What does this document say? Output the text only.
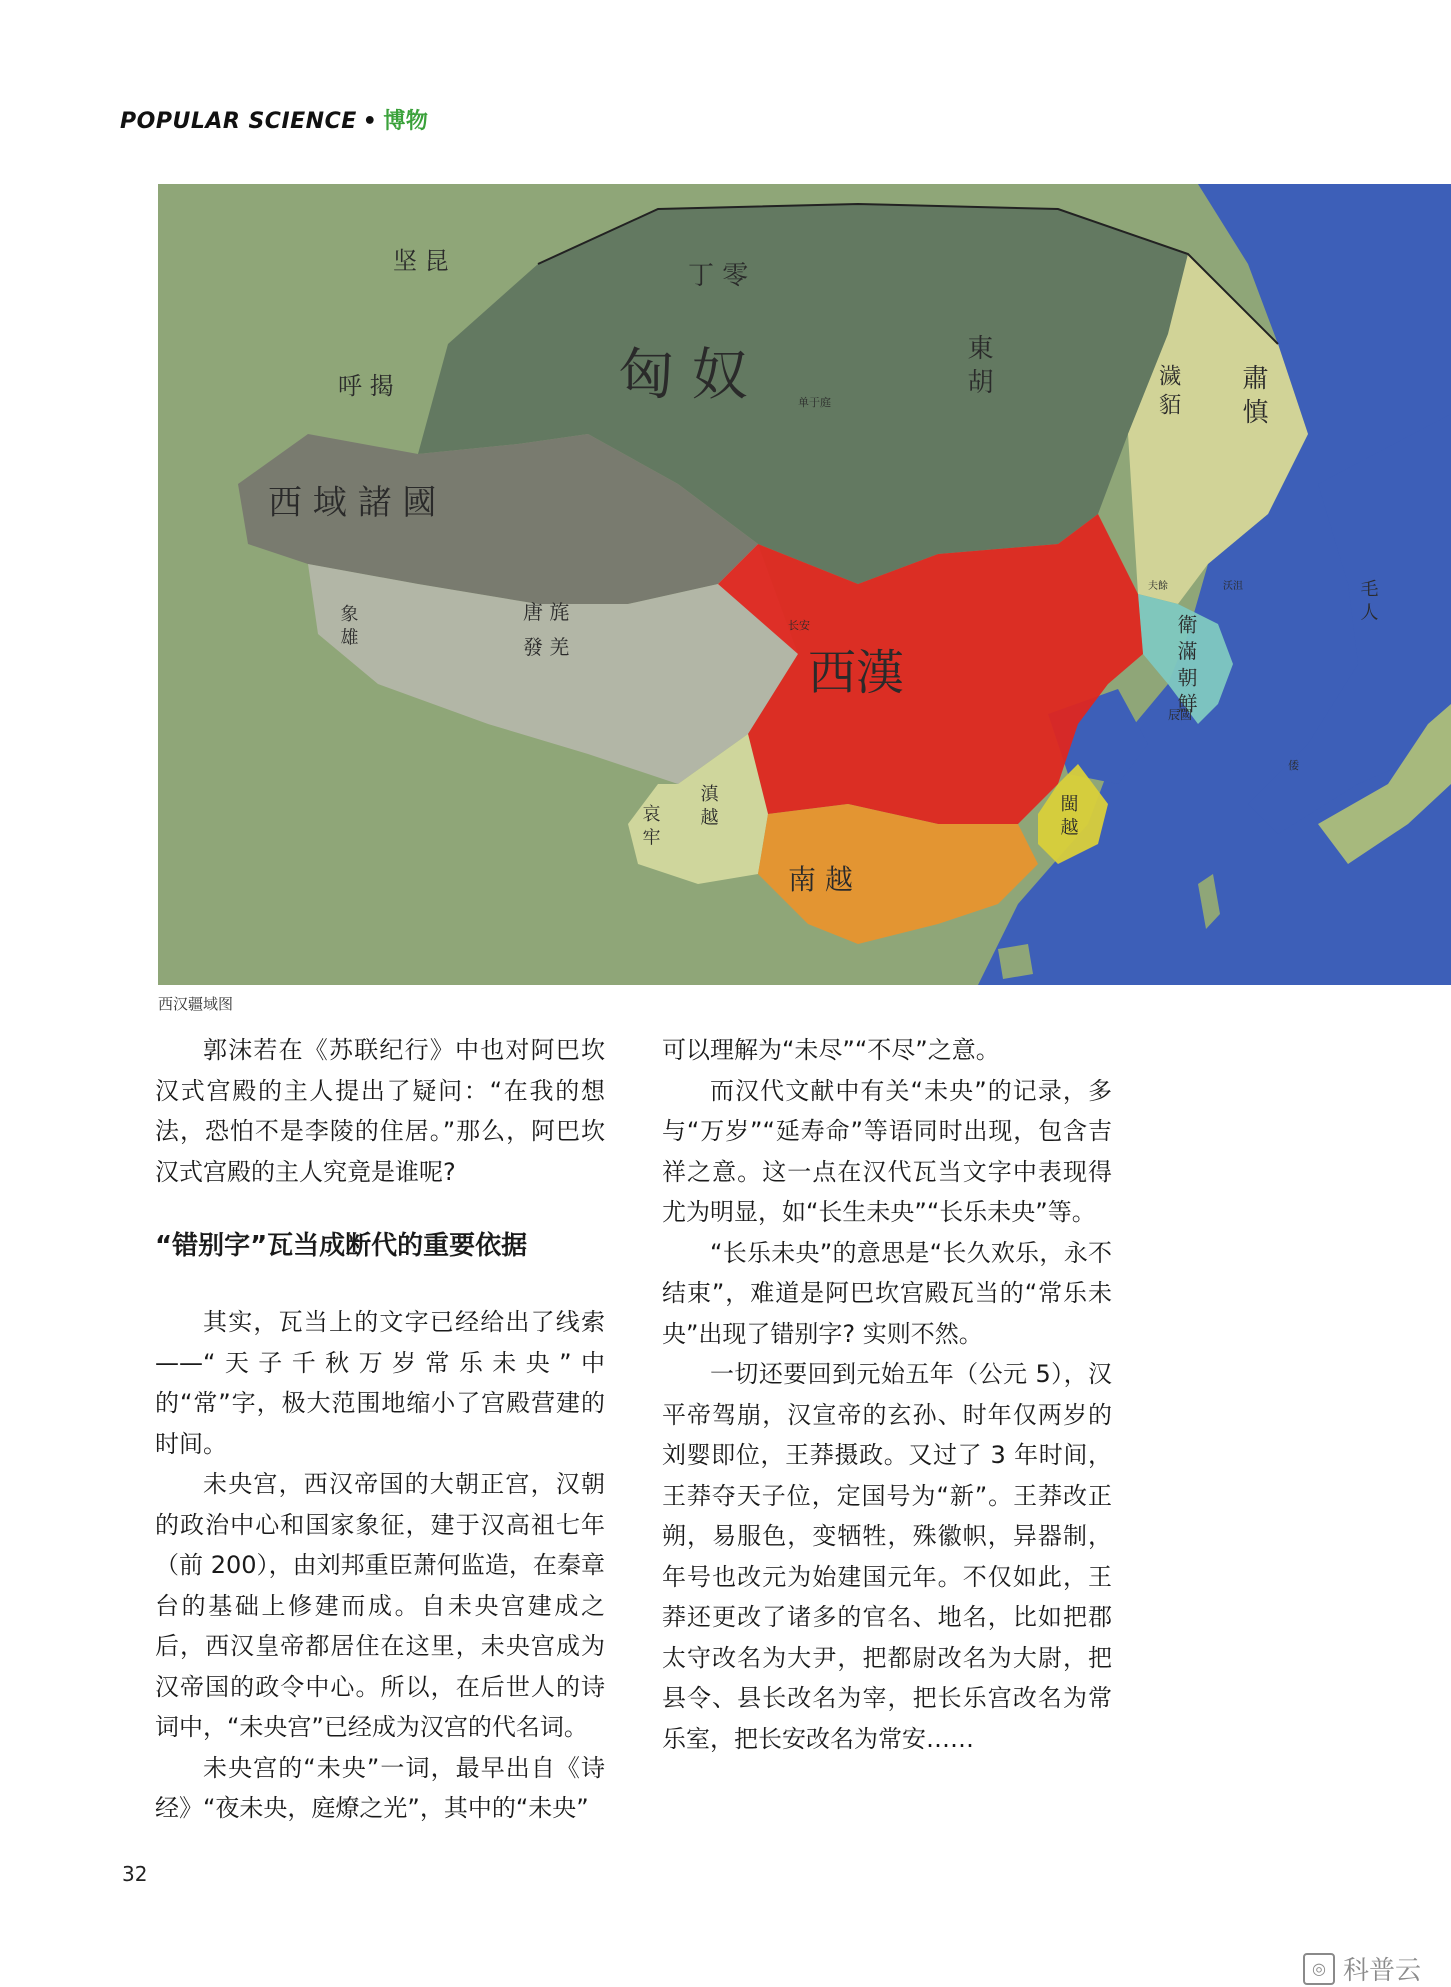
POPULAR SCIENCE • 博物
匈 奴
坚 昆	丁 零
東 胡
呼 揭
单于庭
西 域 諸 國
西漢
长安
濊 貊 肅 慎
衛 滿 朝 鮮
夫餘	沃沮
辰國
毛 人
倭
象 雄	唐 旄
發 羌
哀 牢 滇 越
南 越
閩 越
西汉疆域图

郭沫若在《苏联纪行》中也对阿巴坎汉式宫殿的主人提出了疑问：“在我的想法，恐怕不是李陵的住居。”那么，阿巴坎汉式宫殿的主人究竟是谁呢?

“错别字”瓦当成断代的重要依据

其实，瓦当上的文字已经给出了线索——“天子千秋万岁常乐未央”中的“常”字，极大范围地缩小了宫殿营建的时间。

未央宫，西汉帝国的大朝正宫，汉朝的政治中心和国家象征，建于汉高祖七年（前 200），由刘邦重臣萧何监造，在秦章台的基础上修建而成。自未央宫建成之后，西汉皇帝都居住在这里，未央宫成为汉帝国的政令中心。所以，在后世人的诗词中，“未央宫”已经成为汉宫的代名词。

未央宫的“未央”一词，最早出自《诗经》“夜未央，庭燎之光”，其中的“未央”

可以理解为“未尽”“不尽”之意。

而汉代文献中有关“未央”的记录，多与“万岁”“延寿命”等语同时出现，包含吉祥之意。这一点在汉代瓦当文字中表现得尤为明显，如“长生未央”“长乐未央”等。

“长乐未央”的意思是“长久欢乐，永不结束”，难道是阿巴坎宫殿瓦当的“常乐未央”出现了错别字? 实则不然。

一切还要回到元始五年（公元 5），汉平帝驾崩，汉宣帝的玄孙、时年仅两岁的刘婴即位，王莽摄政。又过了 3 年时间，王莽夺天子位，定国号为“新”。王莽改正朔，易服色，变牺牲，殊徽帜，异器制，年号也改元为始建国元年。不仅如此，王莽还更改了诸多的官名、地名，比如把郡太守改名为大尹，把都尉改名为大尉，把县令、县长改名为宰，把长乐宫改名为常乐室，把长安改名为常安……

32
◎ 科普云
